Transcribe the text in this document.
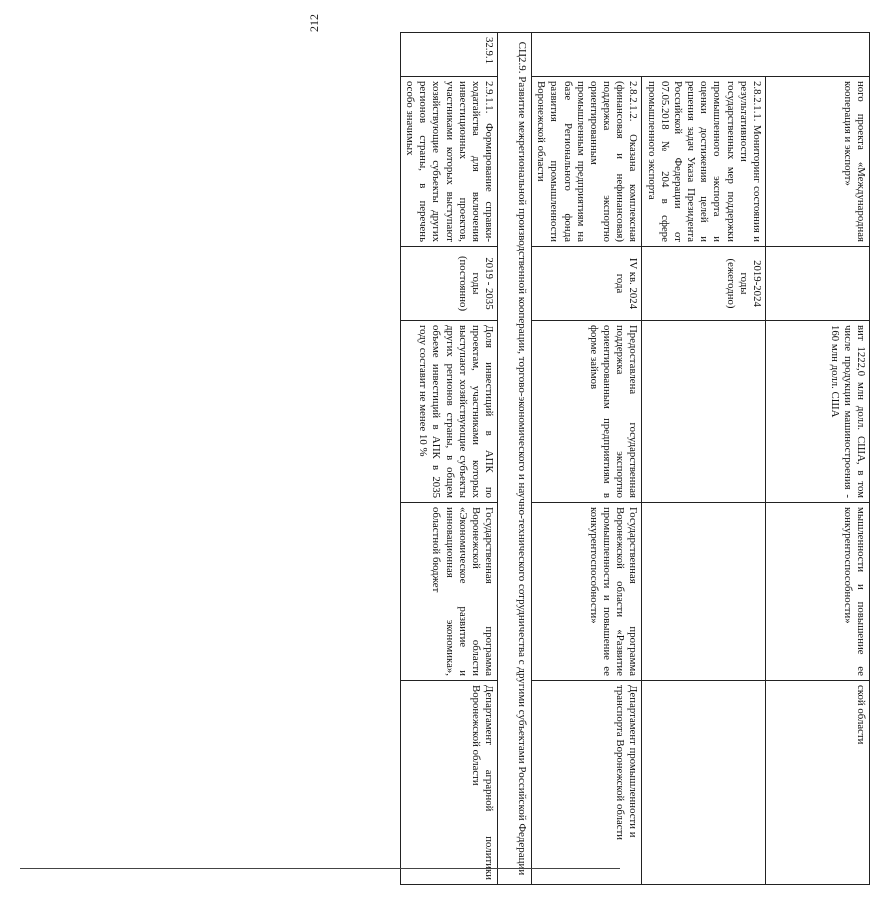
212
	ного проекта «Международная кооперация и экспорт»		вит 1222,0 млн долл. США, в том числе продукции машиностроения - 160 млн долл. США	мышленности и повышение ее конкурентоспособности»	ской области
	2.8.2.1.1. Мониторинг состояния и результативности государственных мер поддержки промышленного экспорта и оценки достижения целей и решения задач Указа Президента Российской Федерации от 07.05.2018 № 204 в сфере промышленного экспорта	2019-2024 годы (ежегодно)			
	2.8.2.1.2. Оказана комплексная (финансовая и нефинансовая) поддержка экспортно ориентированным промышленным предприятиям на базе Регионального фонда развития промышленности Воронежской области	IV кв. 2024 года	Предоставлена государственная поддержка экспортно ориентированным предприятиям в форме займов	Государственная программа Воронежской области «Развитие промышленности и повышение ее конкурентоспособности»	Департамент промышленности и транспорта Воронежской области
СЦ2.9. Развитие межрегиональной производственной кооперации, торгово-экономического и научно-технического сотрудничества с другими субъектами Российской Федерации					
32.9.1	2.9.1.1. Формирование справки-ходатайства для включения инвестиционных проектов, участниками которых выступают хозяйствующие субъекты других регионов страны, в перечень особо значимых	2019 - 2035 годы (постоянно)	Доля инвестиций в АПК по проектам, участниками которых выступают хозяйствующие субъекты других регионов страны, в общем объеме инвестиций в АПК в 2035 году составит не менее 10 %	Государственная программа Воронежской области «Экономическое развитие и инновационная экономика», областной бюджет	Департамент аграрной политики Воронежской области
